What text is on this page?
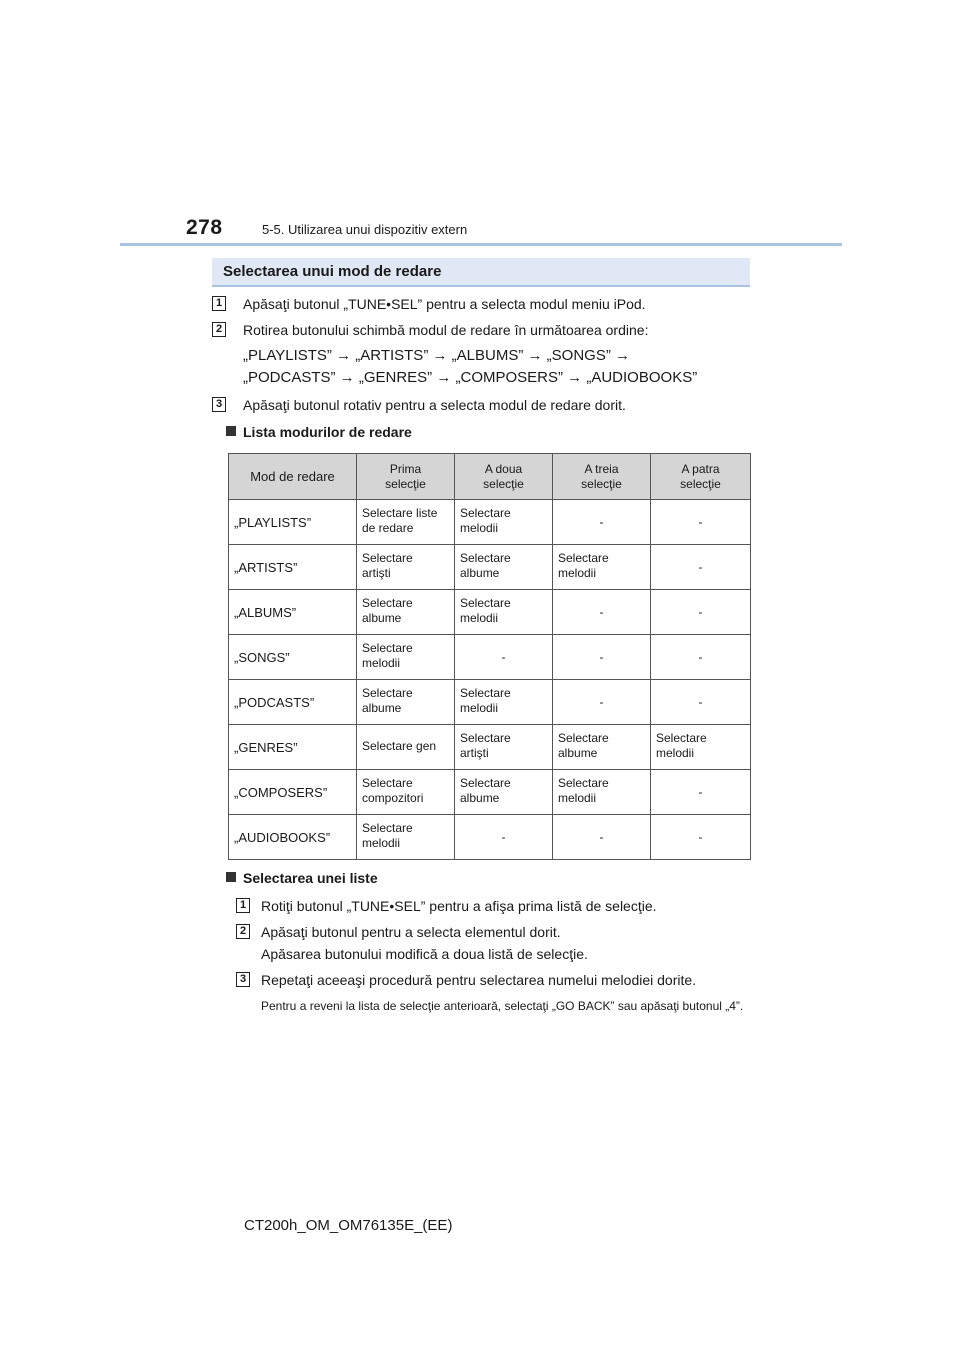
278	5-5. Utilizarea unui dispozitiv extern
Selectarea unui mod de redare
1 Apăsaţi butonul „TUNE•SEL” pentru a selecta modul meniu iPod.
2 Rotirea butonului schimbă modul de redare în următoarea ordine:
„PLAYLISTS” → „ARTISTS” → „ALBUMS” → „SONGS” →
„PODCASTS” → „GENRES” → „COMPOSERS” → „AUDIOBOOKS”
3 Apăsaţi butonul rotativ pentru a selecta modul de redare dorit.
Lista modurilor de redare
Mod de redare	Prima selecţie	A doua selecţie	A treia selecţie	A patra selecţie

„PLAYLISTS”	Selectare liste de redare	Selectare melodii	-	-

„ARTISTS”	Selectare artişti	Selectare albume	Selectare melodii	-

„ALBUMS”	Selectare albume	Selectare melodii	-	-

„SONGS”	Selectare melodii	-	-	-

„PODCASTS”	Selectare albume	Selectare melodii	-	-

„GENRES”	Selectare gen	Selectare artişti	Selectare albume	Selectare melodii

„COMPOSERS”	Selectare compozitori	Selectare albume	Selectare melodii	-

„AUDIOBOOKS”	Selectare melodii	-	-	-
Selectarea unei liste
1 Rotiţi butonul „TUNE•SEL” pentru a afişa prima listă de selecţie.
2 Apăsaţi butonul pentru a selecta elementul dorit.
Apăsarea butonului modifică a doua listă de selecţie.
3 Repetaţi aceeaşi procedură pentru selectarea numelui melodiei dorite.
Pentru a reveni la lista de selecţie anterioară, selectaţi „GO BACK” sau apăsaţi butonul „4”.
CT200h_OM_OM76135E_(EE)
